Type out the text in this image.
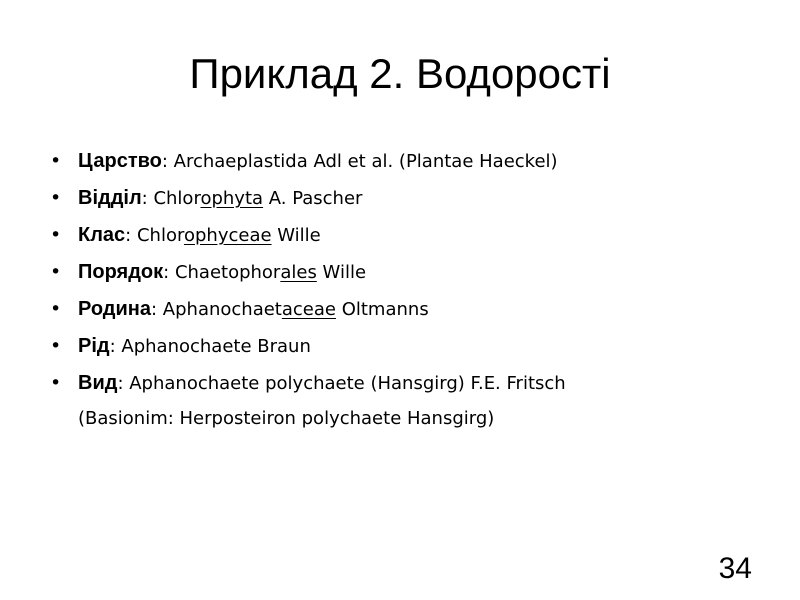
Приклад 2. Водорості
• Царство: Archaeplastida Adl et al. (Plantae Haeckel)
• Відділ: Chlorophyta A. Pascher
• Клас: Chlorophyceae Wille
• Порядок: Chaetophorales Wille
• Родина: Aphanochaetaceae Oltmanns
• Рід: Aphanochaete Braun
• Вид: Aphanochaete polychaete (Hansgirg) F.E. Fritsch
(Basionim: Herposteiron polychaete Hansgirg)
34
